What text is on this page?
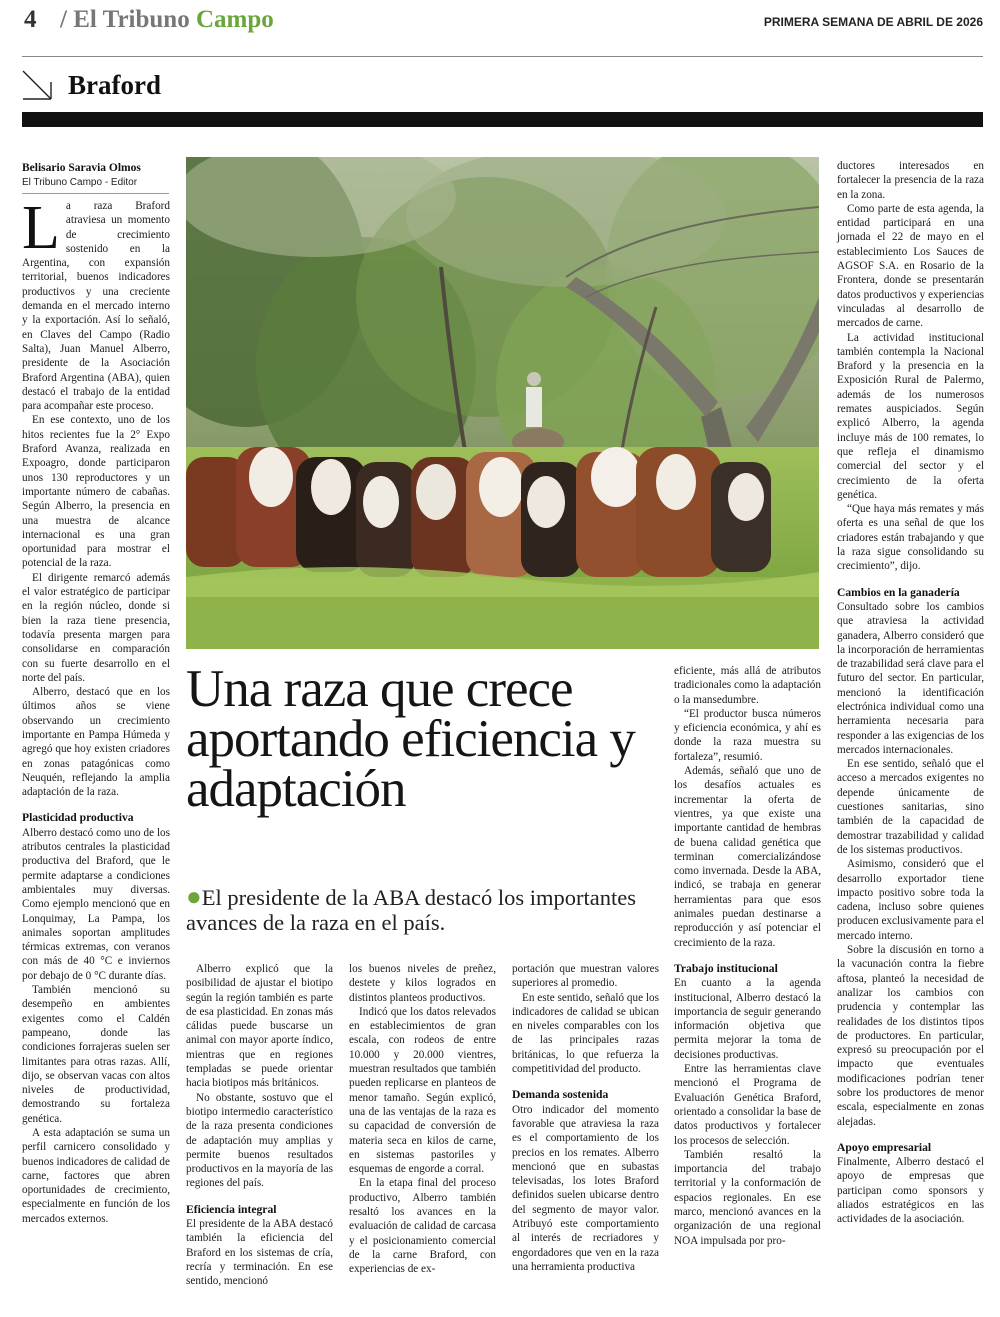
4 / El Tribuno Campo	PRIMERA SEMANA DE ABRIL DE 2026
Braford
Belisario Saravia Olmos
El Tribuno Campo - Editor

La raza Braford atraviesa un momento de crecimiento sostenido en la Argentina, con expansión territorial, buenos indicadores productivos y una creciente demanda en el mercado interno y la exportación. Así lo señaló, en Claves del Campo (Radio Salta), Juan Manuel Alberro, presidente de la Asociación Braford Argentina (ABA), quien destacó el trabajo de la entidad para acompañar este proceso.

En ese contexto, uno de los hitos recientes fue la 2° Expo Braford Avanza, realizada en Expoagro, donde participaron unos 130 reproductores y un importante número de cabañas. Según Alberro, la presencia en una muestra de alcance internacional es una gran oportunidad para mostrar el potencial de la raza.

El dirigente remarcó además el valor estratégico de participar en la región núcleo, donde si bien la raza tiene presencia, todavía presenta margen para consolidarse en comparación con su fuerte desarrollo en el norte del país.

Alberro, destacó que en los últimos años se viene observando un crecimiento importante en Pampa Húmeda y agregó que hoy existen criadores en zonas patagónicas como Neuquén, reflejando la amplia adaptación de la raza.

Plasticidad productiva

Alberro destacó como uno de los atributos centrales la plasticidad productiva del Braford, que le permite adaptarse a condiciones ambientales muy diversas. Como ejemplo mencionó que en Lonquimay, La Pampa, los animales soportan amplitudes térmicas extremas, con veranos con más de 40 °C e inviernos por debajo de 0 °C durante días.

También mencionó su desempeño en ambientes exigentes como el Caldén pampeano, donde las condiciones forrajeras suelen ser limitantes para otras razas. Allí, dijo, se observan vacas con altos niveles de productividad, demostrando su fortaleza genética.

A esta adaptación se suma un perfil carnicero consolidado y buenos indicadores de calidad de carne, factores que abren oportunidades de crecimiento, especialmente en función de los mercados externos.

Una raza que crece aportando eficiencia y adaptación
●El presidente de la ABA destacó los importantes avances de la raza en el país.

Alberro explicó que la posibilidad de ajustar el biotipo según la región también es parte de esa plasticidad. En zonas más cálidas puede buscarse un animal con mayor aporte índico, mientras que en regiones templadas se puede orientar hacia biotipos más británicos.

No obstante, sostuvo que el biotipo intermedio característico de la raza presenta condiciones de adaptación muy amplias y permite buenos resultados productivos en la mayoría de las regiones del país.

Eficiencia integral

El presidente de la ABA destacó también la eficiencia del Braford en los sistemas de cría, recría y terminación. En ese sentido, mencionó

los buenos niveles de preñez, destete y kilos logrados en distintos planteos productivos.

Indicó que los datos relevados en establecimientos de gran escala, con rodeos de entre 10.000 y 20.000 vientres, muestran resultados que también pueden replicarse en planteos de menor tamaño. Según explicó, una de las ventajas de la raza es su capacidad de conversión de materia seca en kilos de carne, en sistemas pastoriles y esquemas de engorde a corral.

En la etapa final del proceso productivo, Alberro también resaltó los avances en la evaluación de calidad de carcasa y el posicionamiento comercial de la carne Braford, con experiencias de ex-

portación que muestran valores superiores al promedio.

En este sentido, señaló que los indicadores de calidad se ubican en niveles comparables con los de las principales razas británicas, lo que refuerza la competitividad del producto.

Demanda sostenida

Otro indicador del momento favorable que atraviesa la raza es el comportamiento de los precios en los remates. Alberro mencionó que en subastas televisadas, los lotes Braford definidos suelen ubicarse dentro del segmento de mayor valor. Atribuyó este comportamiento al interés de recriadores y engordadores que ven en la raza una herramienta productiva

eficiente, más allá de atributos tradicionales como la adaptación o la mansedumbre.

“El productor busca números y eficiencia económica, y ahí es donde la raza muestra su fortaleza”, resumió.

Además, señaló que uno de los desafíos actuales es incrementar la oferta de vientres, ya que existe una importante cantidad de hembras de buena calidad genética que terminan comercializándose como invernada. Desde la ABA, indicó, se trabaja en generar herramientas para que esos animales puedan destinarse a reproducción y así potenciar el crecimiento de la raza.

Trabajo institucional

En cuanto a la agenda institucional, Alberro destacó la importancia de seguir generando información objetiva que permita mejorar la toma de decisiones productivas.

Entre las herramientas clave mencionó el Programa de Evaluación Genética Braford, orientado a consolidar la base de datos productivos y fortalecer los procesos de selección.

También resaltó la importancia del trabajo territorial y la conformación de espacios regionales. En ese marco, mencionó avances en la organización de una regional NOA impulsada por pro-

ductores interesados en fortalecer la presencia de la raza en la zona.

Como parte de esta agenda, la entidad participará en una jornada el 22 de mayo en el establecimiento Los Sauces de AGSOF S.A. en Rosario de la Frontera, donde se presentarán datos productivos y experiencias vinculadas al desarrollo de mercados de carne.

La actividad institucional también contempla la Nacional Braford y la presencia en la Exposición Rural de Palermo, además de los numerosos remates auspiciados. Según explicó Alberro, la agenda incluye más de 100 remates, lo que refleja el dinamismo comercial del sector y el crecimiento de la oferta genética.

“Que haya más remates y más oferta es una señal de que los criadores están trabajando y que la raza sigue consolidando su crecimiento”, dijo.

Cambios en la ganadería

Consultado sobre los cambios que atraviesa la actividad ganadera, Alberro consideró que la incorporación de herramientas de trazabilidad será clave para el futuro del sector. En particular, mencionó la identificación electrónica individual como una herramienta necesaria para responder a las exigencias de los mercados internacionales.

En ese sentido, señaló que el acceso a mercados exigentes no depende únicamente de cuestiones sanitarias, sino también de la capacidad de demostrar trazabilidad y calidad de los sistemas productivos.

Asimismo, consideró que el desarrollo exportador tiene impacto positivo sobre toda la cadena, incluso sobre quienes producen exclusivamente para el mercado interno.

Sobre la discusión en torno a la vacunación contra la fiebre aftosa, planteó la necesidad de analizar los cambios con prudencia y contemplar las realidades de los distintos tipos de productores. En particular, expresó su preocupación por el impacto que eventuales modificaciones podrían tener sobre los productores de menor escala, especialmente en zonas alejadas.

Apoyo empresarial

Finalmente, Alberro destacó el apoyo de empresas que participan como sponsors y aliados estratégicos en las actividades de la asociación.
